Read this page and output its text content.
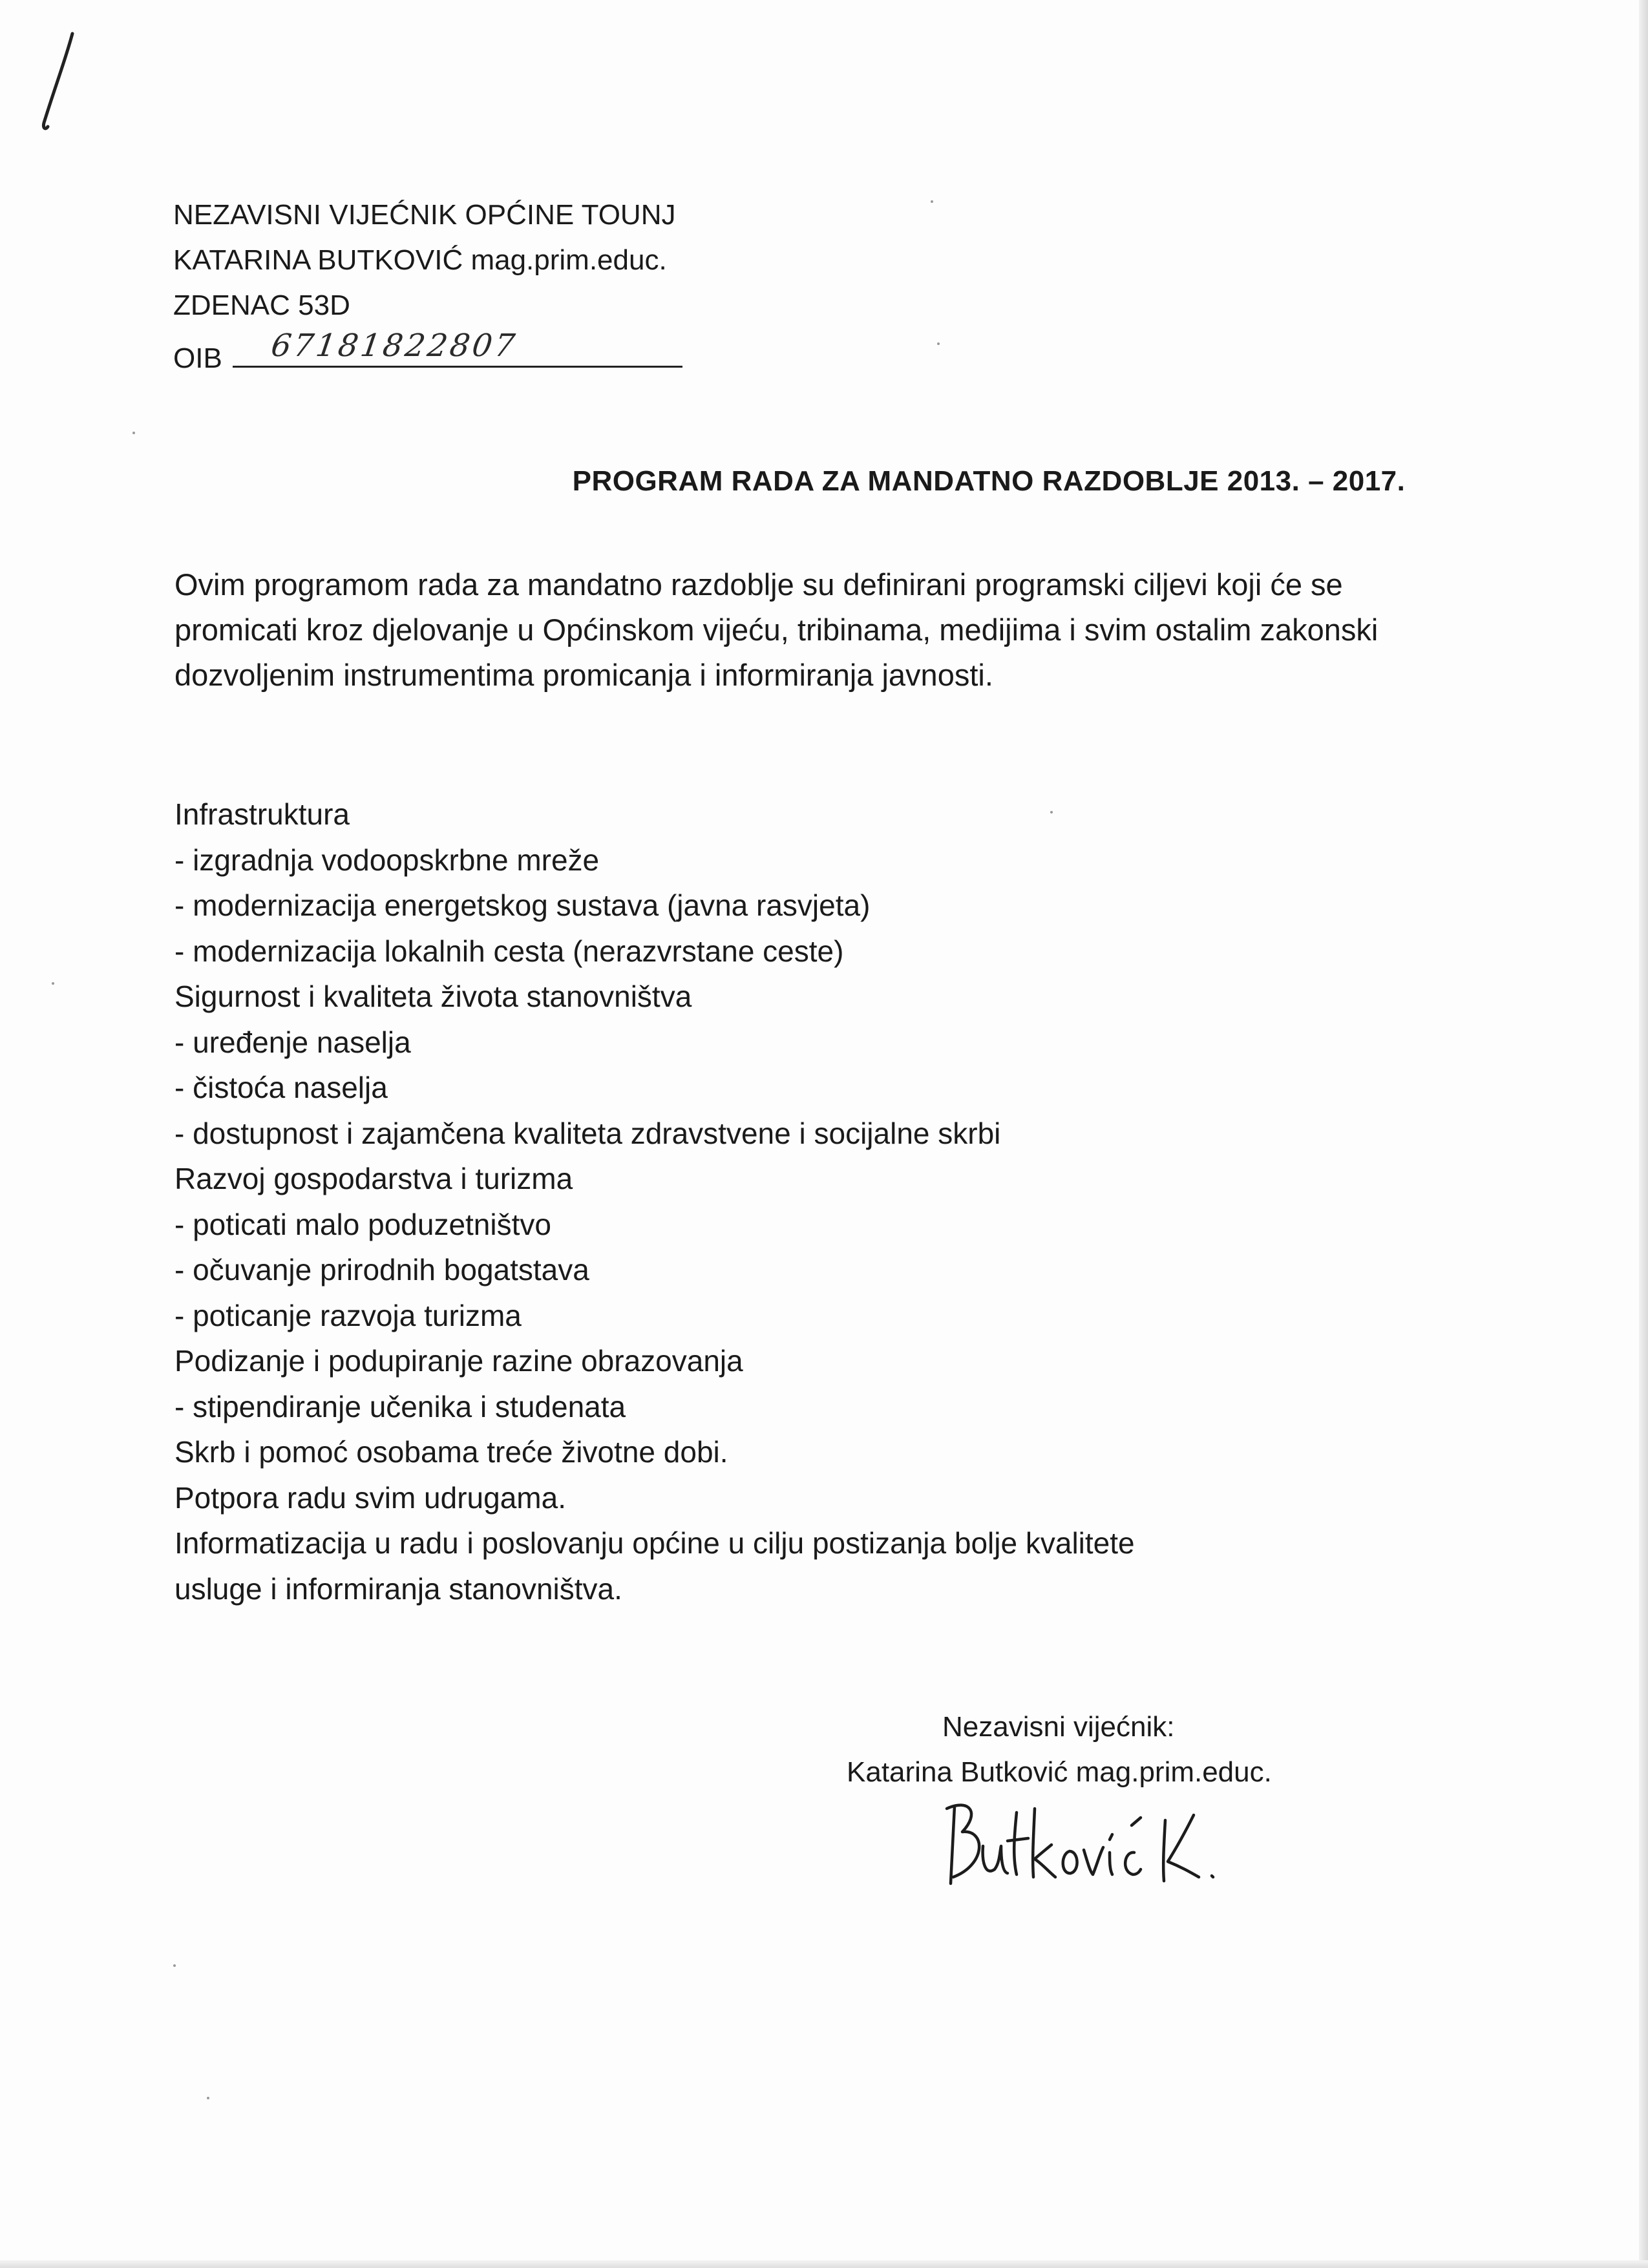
NEZAVISNI VIJEĆNIK OPĆINE TOUNJ
KATARINA BUTKOVIĆ mag.prim.educ.
ZDENAC 53D
OIB 67181822807
PROGRAM RADA ZA MANDATNO RAZDOBLJE 2013. – 2017.
Ovim programom rada za mandatno razdoblje su definirani programski ciljevi koji će se promicati kroz djelovanje u Općinskom vijeću, tribinama, medijima i svim ostalim zakonski dozvoljenim instrumentima promicanja i informiranja javnosti.
Infrastruktura
- izgradnja vodoopskrbne mreže
- modernizacija energetskog sustava (javna rasvjeta)
- modernizacija lokalnih cesta (nerazvrstane ceste)
Sigurnost i kvaliteta života stanovništva
- uređenje naselja
- čistoća naselja
- dostupnost i zajamčena kvaliteta zdravstvene i socijalne skrbi
Razvoj gospodarstva i turizma
- poticati malo poduzetništvo
- očuvanje prirodnih bogatstava
- poticanje razvoja turizma
Podizanje i podupiranje razine obrazovanja
- stipendiranje učenika i studenata
Skrb i pomoć osobama treće životne dobi.
Potpora radu svim udrugama.
Informatizacija u radu i poslovanju općine u cilju postizanja bolje kvalitete
usluge i informiranja stanovništva.
Nezavisni vijećnik:
Katarina Butković mag.prim.educ.
